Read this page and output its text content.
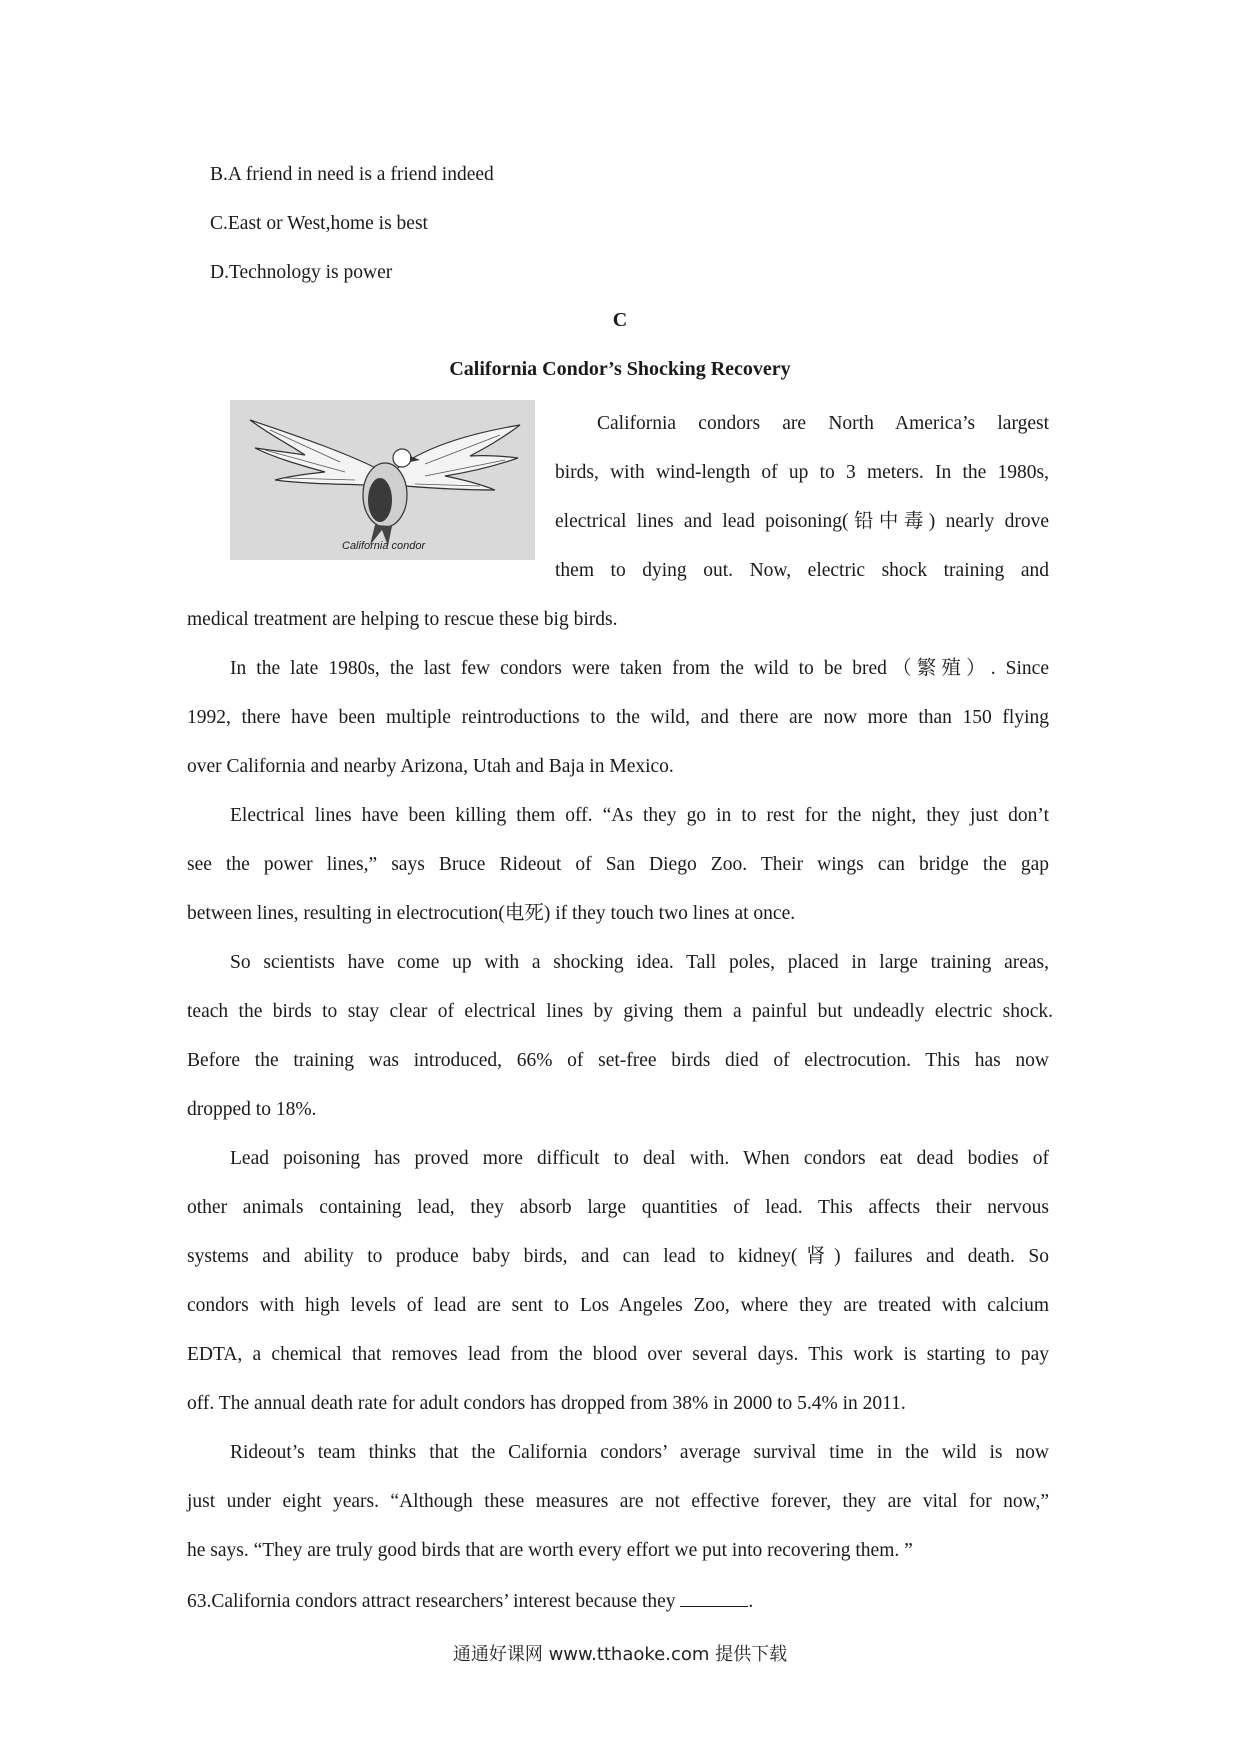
B.A friend in need is a friend indeed
C.East or West,home is best
D.Technology is power
C
California Condor’s Shocking Recovery
California condor
California condors are North America’s largest
birds, with wind-length of up to 3 meters. In the 1980s,
electrical lines and lead poisoning(铅中毒) nearly drove
them to dying out. Now, electric shock training and
medical treatment are helping to rescue these big birds.
In the late 1980s, the last few condors were taken from the wild to be bred（繁殖）. Since
1992, there have been multiple reintroductions to the wild, and there are now more than 150 flying
over California and nearby Arizona, Utah and Baja in Mexico.
Electrical lines have been killing them off. “As they go in to rest for the night, they just don’t
see the power lines,” says Bruce Rideout of San Diego Zoo. Their wings can bridge the gap
between lines, resulting in electrocution(电死) if they touch two lines at once.
So scientists have come up with a shocking idea. Tall poles, placed in large training areas,
teach the birds to stay clear of electrical lines by giving them a painful but undeadly electric shock.
Before the training was introduced, 66% of set-free birds died of electrocution. This has now
dropped to 18%.
Lead poisoning has proved more difficult to deal with. When condors eat dead bodies of
other animals containing lead, they absorb large quantities of lead. This affects their nervous
systems and ability to produce baby birds, and can lead to kidney(肾) failures and death. So
condors with high levels of lead are sent to Los Angeles Zoo, where they are treated with calcium
EDTA, a chemical that removes lead from the blood over several days. This work is starting to pay
off. The annual death rate for adult condors has dropped from 38% in 2000 to 5.4% in 2011.
Rideout’s team thinks that the California condors’ average survival time in the wild is now
just under eight years. “Although these measures are not effective forever, they are vital for now,”
he says. “They are truly good birds that are worth every effort we put into recovering them. ”
63.California condors attract researchers’ interest because they	.
通通好课网 www.tthaoke.com 提供下载
